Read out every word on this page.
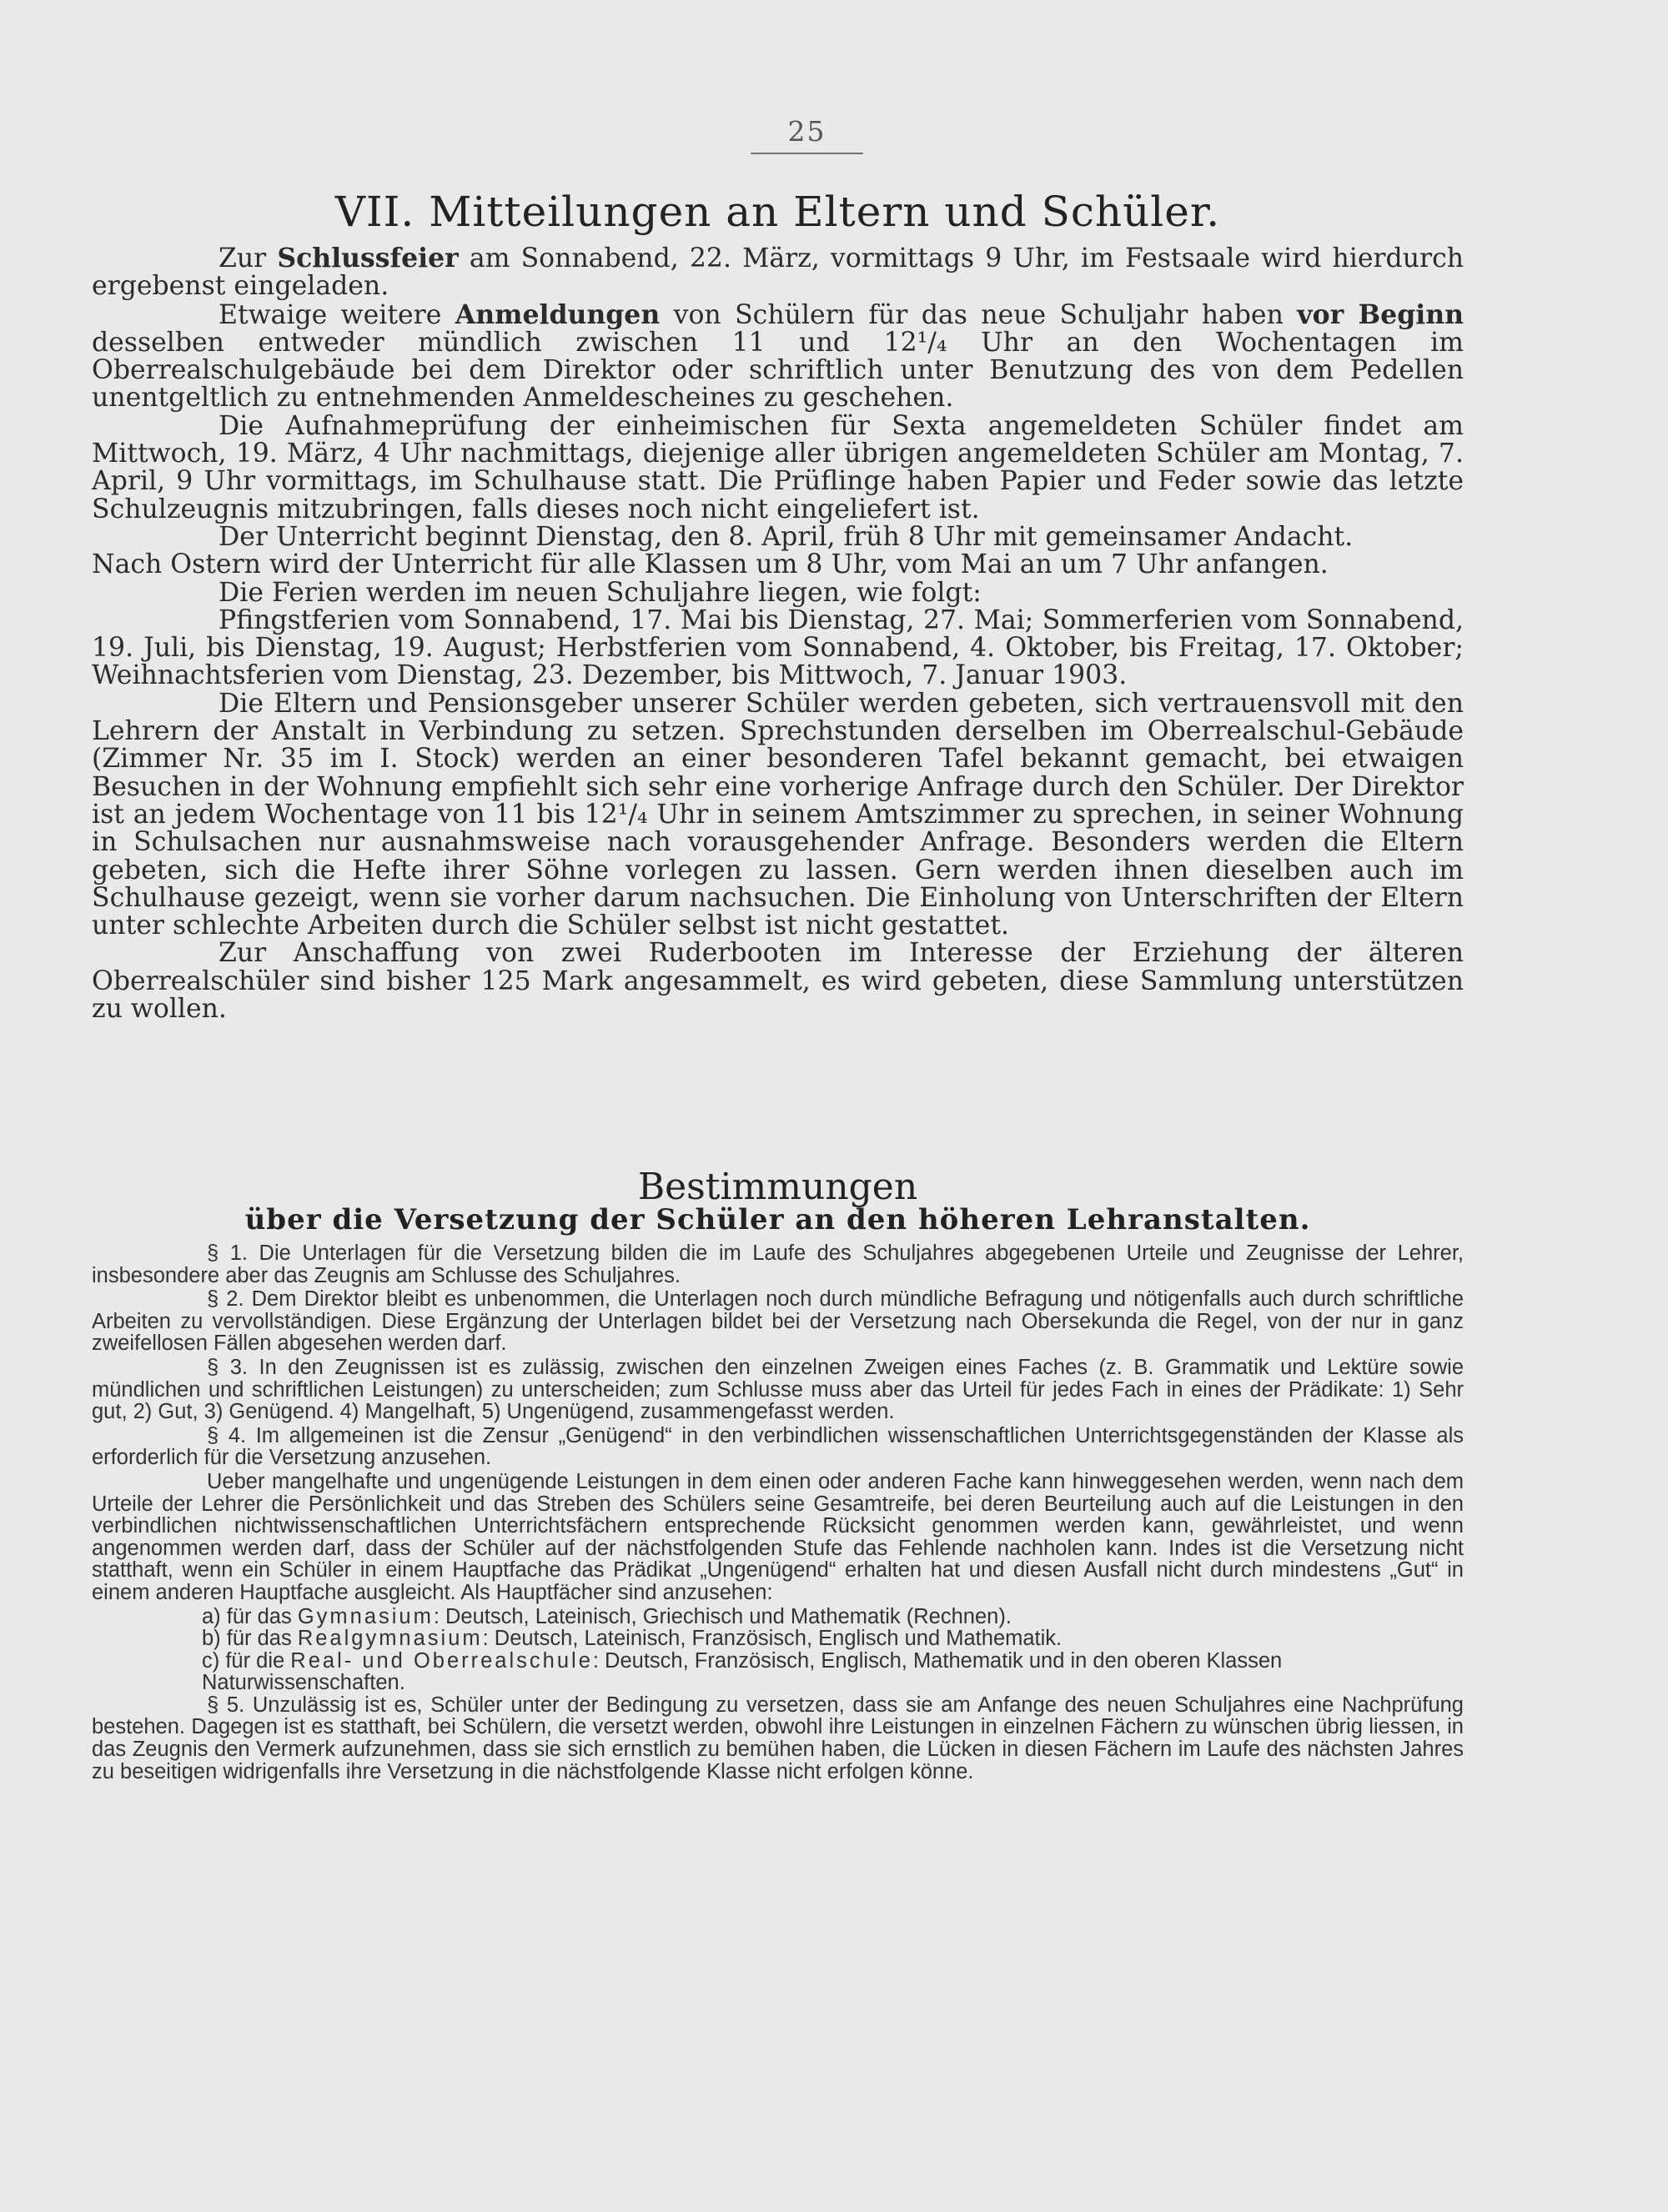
25
VII. Mitteilungen an Eltern und Schüler.

Zur Schlussfeier am Sonnabend, 22. März, vormittags 9 Uhr, im Festsaale wird hierdurch ergebenst eingeladen.

Etwaige weitere Anmeldungen von Schülern für das neue Schuljahr haben vor Beginn desselben entweder mündlich zwischen 11 und 12¹/₄ Uhr an den Wochentagen im Oberrealschulgebäude bei dem Direktor oder schriftlich unter Benutzung des von dem Pedellen unentgeltlich zu entnehmenden Anmeldescheines zu geschehen.

Die Aufnahmeprüfung der einheimischen für Sexta angemeldeten Schüler findet am Mittwoch, 19. März, 4 Uhr nachmittags, diejenige aller übrigen angemeldeten Schüler am Montag, 7. April, 9 Uhr vormittags, im Schulhause statt. Die Prüflinge haben Papier und Feder sowie das letzte Schulzeugnis mitzubringen, falls dieses noch nicht eingeliefert ist.

Der Unterricht beginnt Dienstag, den 8. April, früh 8 Uhr mit gemeinsamer Andacht.

Nach Ostern wird der Unterricht für alle Klassen um 8 Uhr, vom Mai an um 7 Uhr anfangen.

Die Ferien werden im neuen Schuljahre liegen, wie folgt:

Pfingstferien vom Sonnabend, 17. Mai bis Dienstag, 27. Mai; Sommerferien vom Sonnabend, 19. Juli, bis Dienstag, 19. August; Herbstferien vom Sonnabend, 4. Oktober, bis Freitag, 17. Oktober; Weihnachtsferien vom Dienstag, 23. Dezember, bis Mittwoch, 7. Januar 1903.

Die Eltern und Pensionsgeber unserer Schüler werden gebeten, sich vertrauensvoll mit den Lehrern der Anstalt in Verbindung zu setzen. Sprechstunden derselben im Oberrealschul-Gebäude (Zimmer Nr. 35 im I. Stock) werden an einer besonderen Tafel bekannt gemacht, bei etwaigen Besuchen in der Wohnung empfiehlt sich sehr eine vorherige Anfrage durch den Schüler. Der Direktor ist an jedem Wochentage von 11 bis 12¹/₄ Uhr in seinem Amtszimmer zu sprechen, in seiner Wohnung in Schulsachen nur ausnahmsweise nach vorausgehender Anfrage. Besonders werden die Eltern gebeten, sich die Hefte ihrer Söhne vorlegen zu lassen. Gern werden ihnen dieselben auch im Schulhause gezeigt, wenn sie vorher darum nachsuchen. Die Einholung von Unterschriften der Eltern unter schlechte Arbeiten durch die Schüler selbst ist nicht gestattet.

Zur Anschaffung von zwei Ruderbooten im Interesse der Erziehung der älteren Oberrealschüler sind bisher 125 Mark angesammelt, es wird gebeten, diese Sammlung unterstützen zu wollen.

Bestimmungen
über die Versetzung der Schüler an den höheren Lehranstalten.

§ 1. Die Unterlagen für die Versetzung bilden die im Laufe des Schuljahres abgegebenen Urteile und Zeugnisse der Lehrer, insbesondere aber das Zeugnis am Schlusse des Schuljahres.

§ 2. Dem Direktor bleibt es unbenommen, die Unterlagen noch durch mündliche Befragung und nötigenfalls auch durch schriftliche Arbeiten zu vervollständigen. Diese Ergänzung der Unterlagen bildet bei der Versetzung nach Obersekunda die Regel, von der nur in ganz zweifellosen Fällen abgesehen werden darf.

§ 3. In den Zeugnissen ist es zulässig, zwischen den einzelnen Zweigen eines Faches (z. B. Grammatik und Lektüre sowie mündlichen und schriftlichen Leistungen) zu unterscheiden; zum Schlusse muss aber das Urteil für jedes Fach in eines der Prädikate: 1) Sehr gut, 2) Gut, 3) Genügend. 4) Mangelhaft, 5) Ungenügend, zusammengefasst werden.

§ 4. Im allgemeinen ist die Zensur „Genügend“ in den verbindlichen wissenschaftlichen Unterrichtsgegenständen der Klasse als erforderlich für die Versetzung anzusehen.

Ueber mangelhafte und ungenügende Leistungen in dem einen oder anderen Fache kann hinweggesehen werden, wenn nach dem Urteile der Lehrer die Persönlichkeit und das Streben des Schülers seine Gesamtreife, bei deren Beurteilung auch auf die Leistungen in den verbindlichen nichtwissenschaftlichen Unterrichtsfächern entsprechende Rücksicht genommen werden kann, gewährleistet, und wenn angenommen werden darf, dass der Schüler auf der nächstfolgenden Stufe das Fehlende nachholen kann. Indes ist die Versetzung nicht statthaft, wenn ein Schüler in einem Hauptfache das Prädikat „Ungenügend“ erhalten hat und diesen Ausfall nicht durch mindestens „Gut“ in einem anderen Hauptfache ausgleicht. Als Hauptfächer sind anzusehen:

a) für das Gymnasium: Deutsch, Lateinisch, Griechisch und Mathematik (Rechnen).
b) für das Realgymnasium: Deutsch, Lateinisch, Französisch, Englisch und Mathematik.
c) für die Real- und Oberrealschule: Deutsch, Französisch, Englisch, Mathematik und in den oberen Klassen Naturwissenschaften.

§ 5. Unzulässig ist es, Schüler unter der Bedingung zu versetzen, dass sie am Anfange des neuen Schuljahres eine Nachprüfung bestehen. Dagegen ist es statthaft, bei Schülern, die versetzt werden, obwohl ihre Leistungen in einzelnen Fächern zu wünschen übrig liessen, in das Zeugnis den Vermerk aufzunehmen, dass sie sich ernstlich zu bemühen haben, die Lücken in diesen Fächern im Laufe des nächsten Jahres zu beseitigen widrigenfalls ihre Versetzung in die nächstfolgende Klasse nicht erfolgen könne.
